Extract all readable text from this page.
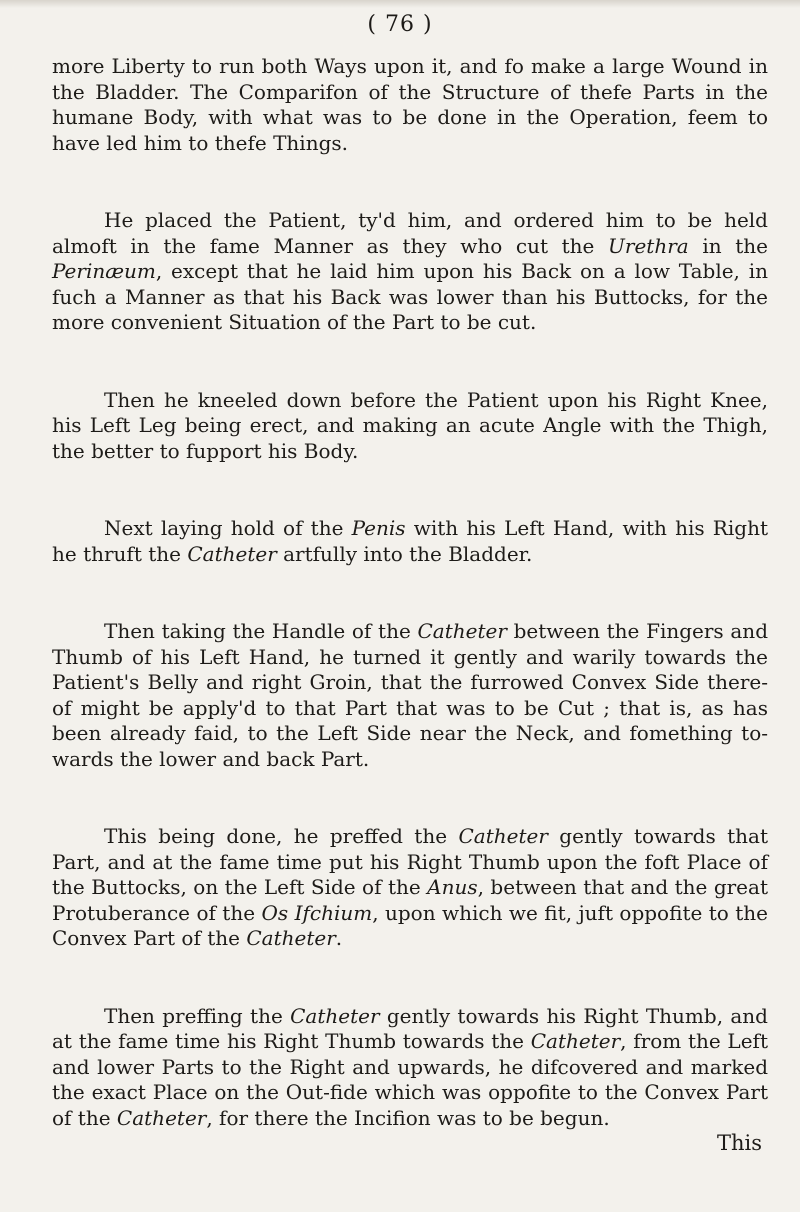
( 76 )

more Liberty to run both Ways upon it, and fo make a large Wound in the Bladder. The Comparifon of the Structure of thefe Parts in the humane Body, with what was to be done in the Operation, feem to have led him to thefe Things.

He placed the Patient, ty'd him, and ordered him to be held almoft in the fame Manner as they who cut the Urethra in the Perinæum, except that he laid him upon his Back on a low Table, in fuch a Manner as that his Back was lower than his Buttocks, for the more convenient Situation of the Part to be cut.

Then he kneeled down before the Patient upon his Right Knee, his Left Leg being erect, and making an acute Angle with the Thigh, the better to fupport his Body.

Next laying hold of the Penis with his Left Hand, with his Right he thruft the Catheter artfully into the Bladder.

Then taking the Handle of the Catheter between the Fingers and Thumb of his Left Hand, he turned it gently and warily towards the Patient's Belly and right Groin, that the furrowed Convex Side there-of might be apply'd to that Part that was to be Cut ; that is, as has been already faid, to the Left Side near the Neck, and fomething to-wards the lower and back Part.

This being done, he preffed the Catheter gently towards that Part, and at the fame time put his Right Thumb upon the foft Place of the Buttocks, on the Left Side of the Anus, between that and the great Protuberance of the Os Ifchium, upon which we fit, juft oppofite to the Convex Part of the Catheter.

Then preffing the Catheter gently towards his Right Thumb, and at the fame time his Right Thumb towards the Catheter, from the Left and lower Parts to the Right and upwards, he difcovered and marked the exact Place on the Out-fide which was oppofite to the Convex Part of the Catheter, for there the Incifion was to be begun.

This
